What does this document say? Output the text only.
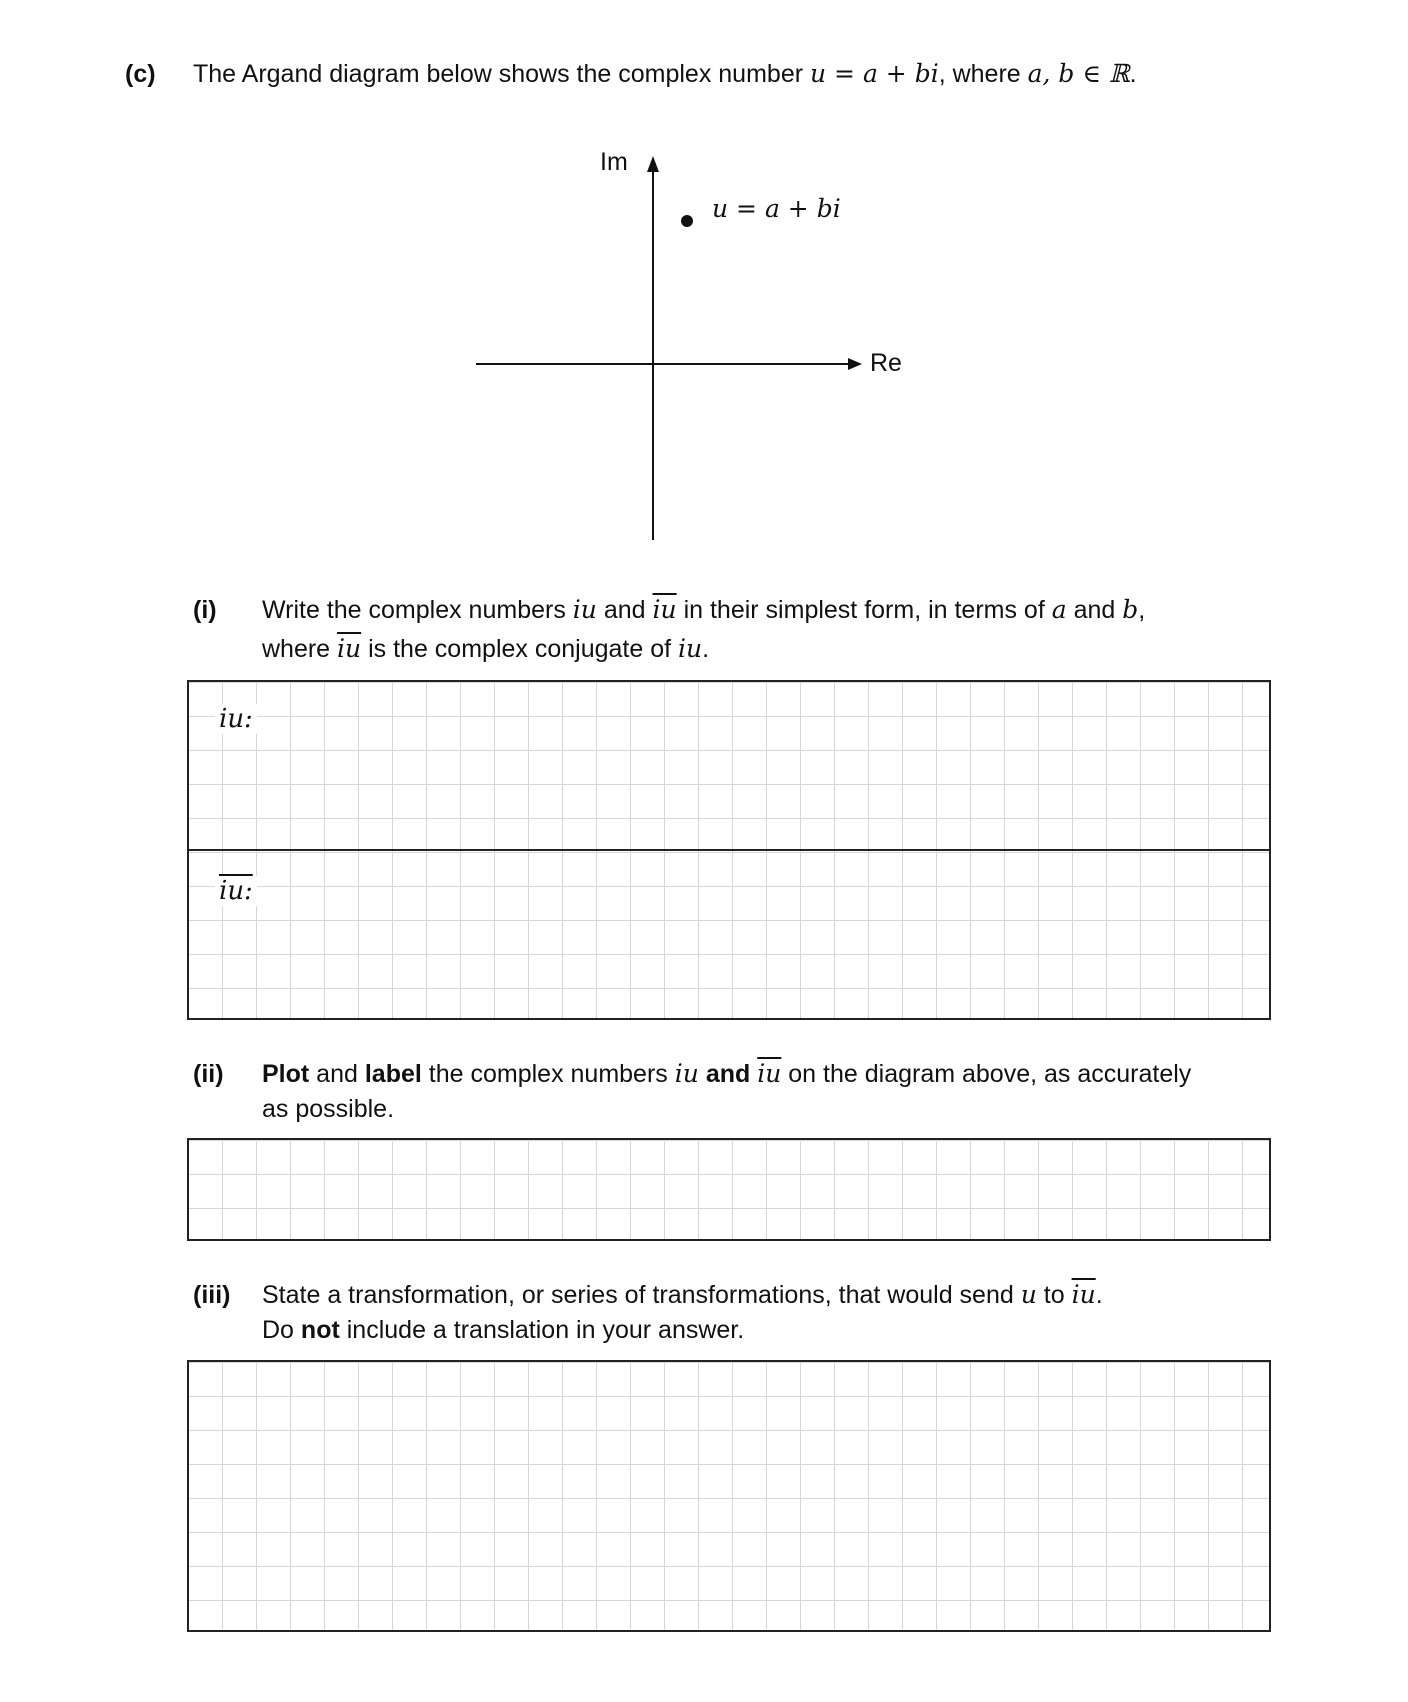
(c) The Argand diagram below shows the complex number u = a + bi, where a, b ∈ ℝ.
Im
Re
u = a + bi
(i) Write the complex numbers iu and $\overline{iu}$ in their simplest form, in terms of a and b,
where $\overline{iu}$ is the complex conjugate of iu.
iu:
iu:
(ii) Plot and label the complex numbers iu and $\overline{iu}$ on the diagram above, as accurately
as possible.
(iii) State a transformation, or series of transformations, that would send u to $\overline{iu}$.
Do not include a translation in your answer.
